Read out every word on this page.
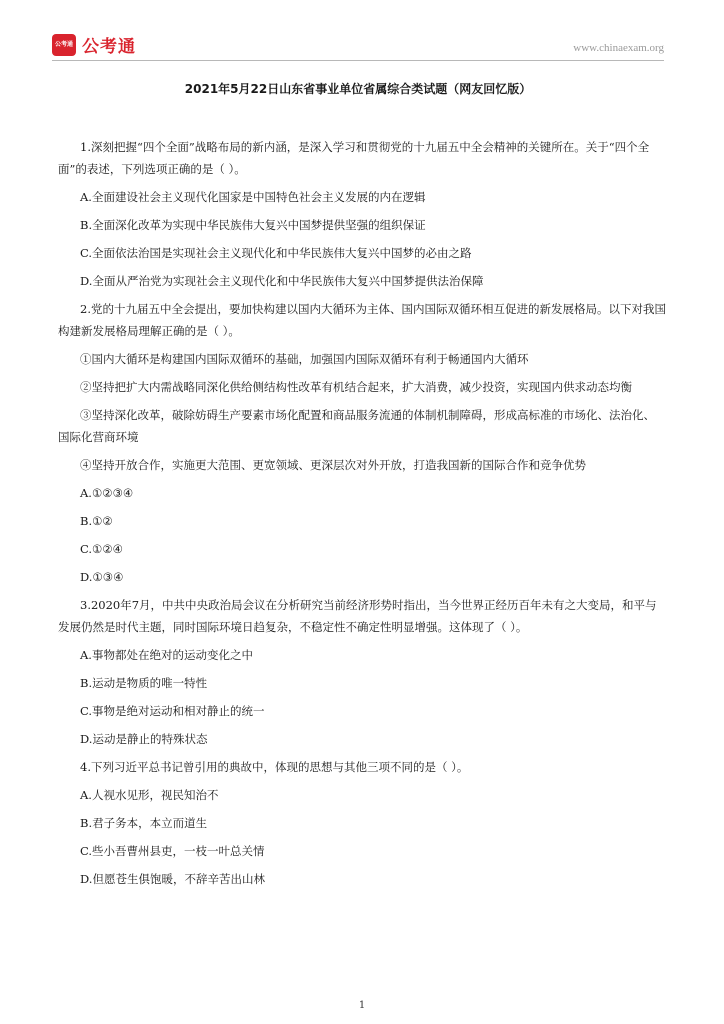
公考通 公考通	www.chinaexam.org
2021年5月22日山东省事业单位省属综合类试题（网友回忆版）

1.深刻把握“四个全面”战略布局的新内涵，是深入学习和贯彻党的十九届五中全会精神的关键所在。关于“四个全面”的表述，下列选项正确的是（ ）。

A.全面建设社会主义现代化国家是中国特色社会主义发展的内在逻辑

B.全面深化改革为实现中华民族伟大复兴中国梦提供坚强的组织保证

C.全面依法治国是实现社会主义现代化和中华民族伟大复兴中国梦的必由之路

D.全面从严治党为实现社会主义现代化和中华民族伟大复兴中国梦提供法治保障

2.党的十九届五中全会提出，要加快构建以国内大循环为主体、国内国际双循环相互促进的新发展格局。以下对我国构建新发展格局理解正确的是（ ）。

①国内大循环是构建国内国际双循环的基础，加强国内国际双循环有利于畅通国内大循环

②坚持把扩大内需战略同深化供给侧结构性改革有机结合起来，扩大消费，减少投资，实现国内供求动态均衡

③坚持深化改革，破除妨碍生产要素市场化配置和商品服务流通的体制机制障碍，形成高标准的市场化、法治化、国际化营商环境

④坚持开放合作，实施更大范围、更宽领域、更深层次对外开放，打造我国新的国际合作和竞争优势

A.①②③④

B.①②

C.①②④

D.①③④

3.2020年7月，中共中央政治局会议在分析研究当前经济形势时指出，当今世界正经历百年未有之大变局，和平与发展仍然是时代主题，同时国际环境日趋复杂，不稳定性不确定性明显增强。这体现了（ ）。

A.事物都处在绝对的运动变化之中

B.运动是物质的唯一特性

C.事物是绝对运动和相对静止的统一

D.运动是静止的特殊状态

4.下列习近平总书记曾引用的典故中，体现的思想与其他三项不同的是（ ）。

A.人视水见形，视民知治不

B.君子务本，本立而道生

C.些小吾曹州县吏，一枝一叶总关情

D.但愿苍生俱饱暖，不辞辛苦出山林

1
